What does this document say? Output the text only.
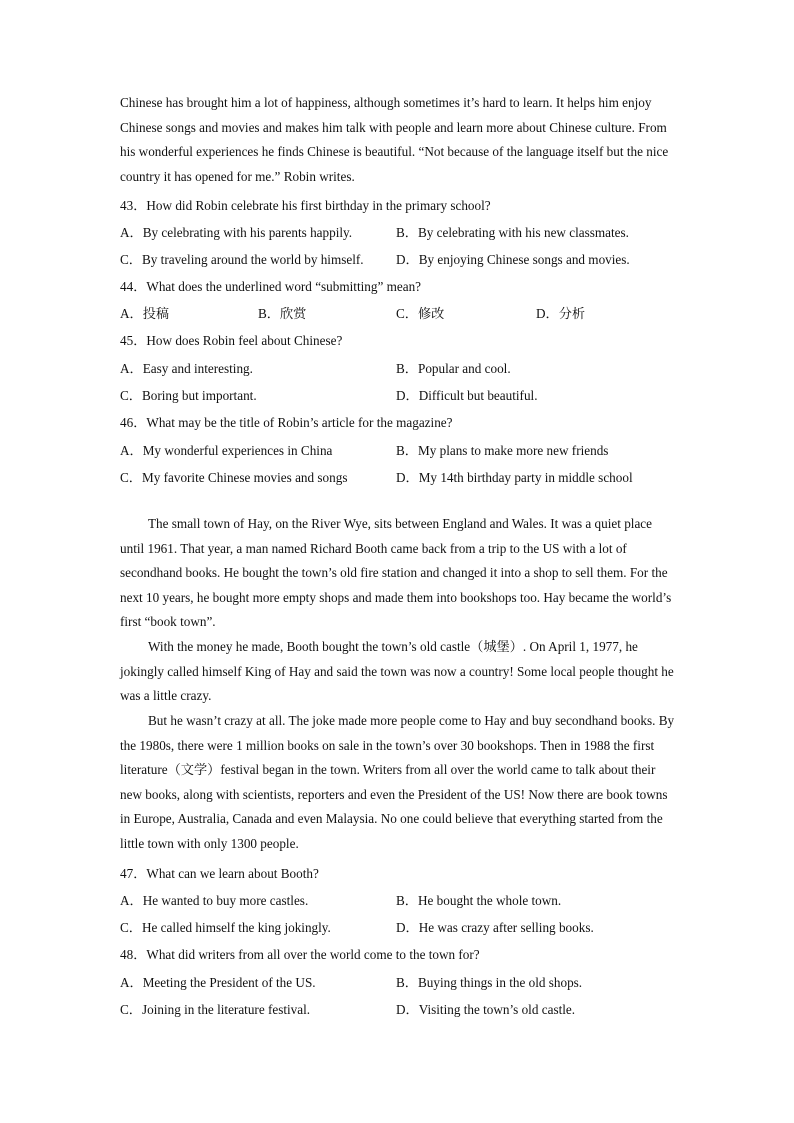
Chinese has brought him a lot of happiness, although sometimes it’s hard to learn. It helps him enjoy Chinese songs and movies and makes him talk with people and learn more about Chinese culture. From his wonderful experiences he finds Chinese is beautiful. “Not because of the language itself but the nice country it has opened for me.” Robin writes.

43．How did Robin celebrate his first birthday in the primary school?

A．By celebrating with his parents happily.	B．By celebrating with his new classmates.

C．By traveling around the world by himself. D．By enjoying Chinese songs and movies.

44．What does the underlined word “submitting” mean?

A．投稿	B．欣赏	C．修改	D．分析

45．How does Robin feel about Chinese?

A．Easy and interesting.	B．Popular and cool.

C．Boring but important.	D．Difficult but beautiful.

46．What may be the title of Robin’s article for the magazine?

A．My wonderful experiences in China	B．My plans to make more new friends

C．My favorite Chinese movies and songs	D．My 14th birthday party in middle school

The small town of Hay, on the River Wye, sits between England and Wales. It was a quiet place until 1961. That year, a man named Richard Booth came back from a trip to the US with a lot of secondhand books. He bought the town’s old fire station and changed it into a shop to sell them. For the next 10 years, he bought more empty shops and made them into bookshops too. Hay became the world’s first “book town”.

With the money he made, Booth bought the town’s old castle（城堡）. On April 1, 1977, he jokingly called himself King of Hay and said the town was now a country! Some local people thought he was a little crazy.

But he wasn’t crazy at all. The joke made more people come to Hay and buy secondhand books. By the 1980s, there were 1 million books on sale in the town’s over 30 bookshops. Then in 1988 the first literature（文学）festival began in the town. Writers from all over the world came to talk about their new books, along with scientists, reporters and even the President of the US! Now there are book towns in Europe, Australia, Canada and even Malaysia. No one could believe that everything started from the little town with only 1300 people.

47．What can we learn about Booth?

A．He wanted to buy more castles.	B．He bought the whole town.

C．He called himself the king jokingly.	D．He was crazy after selling books.

48．What did writers from all over the world come to the town for?

A．Meeting the President of the US.	B．Buying things in the old shops.

C．Joining in the literature festival.	D．Visiting the town’s old castle.
